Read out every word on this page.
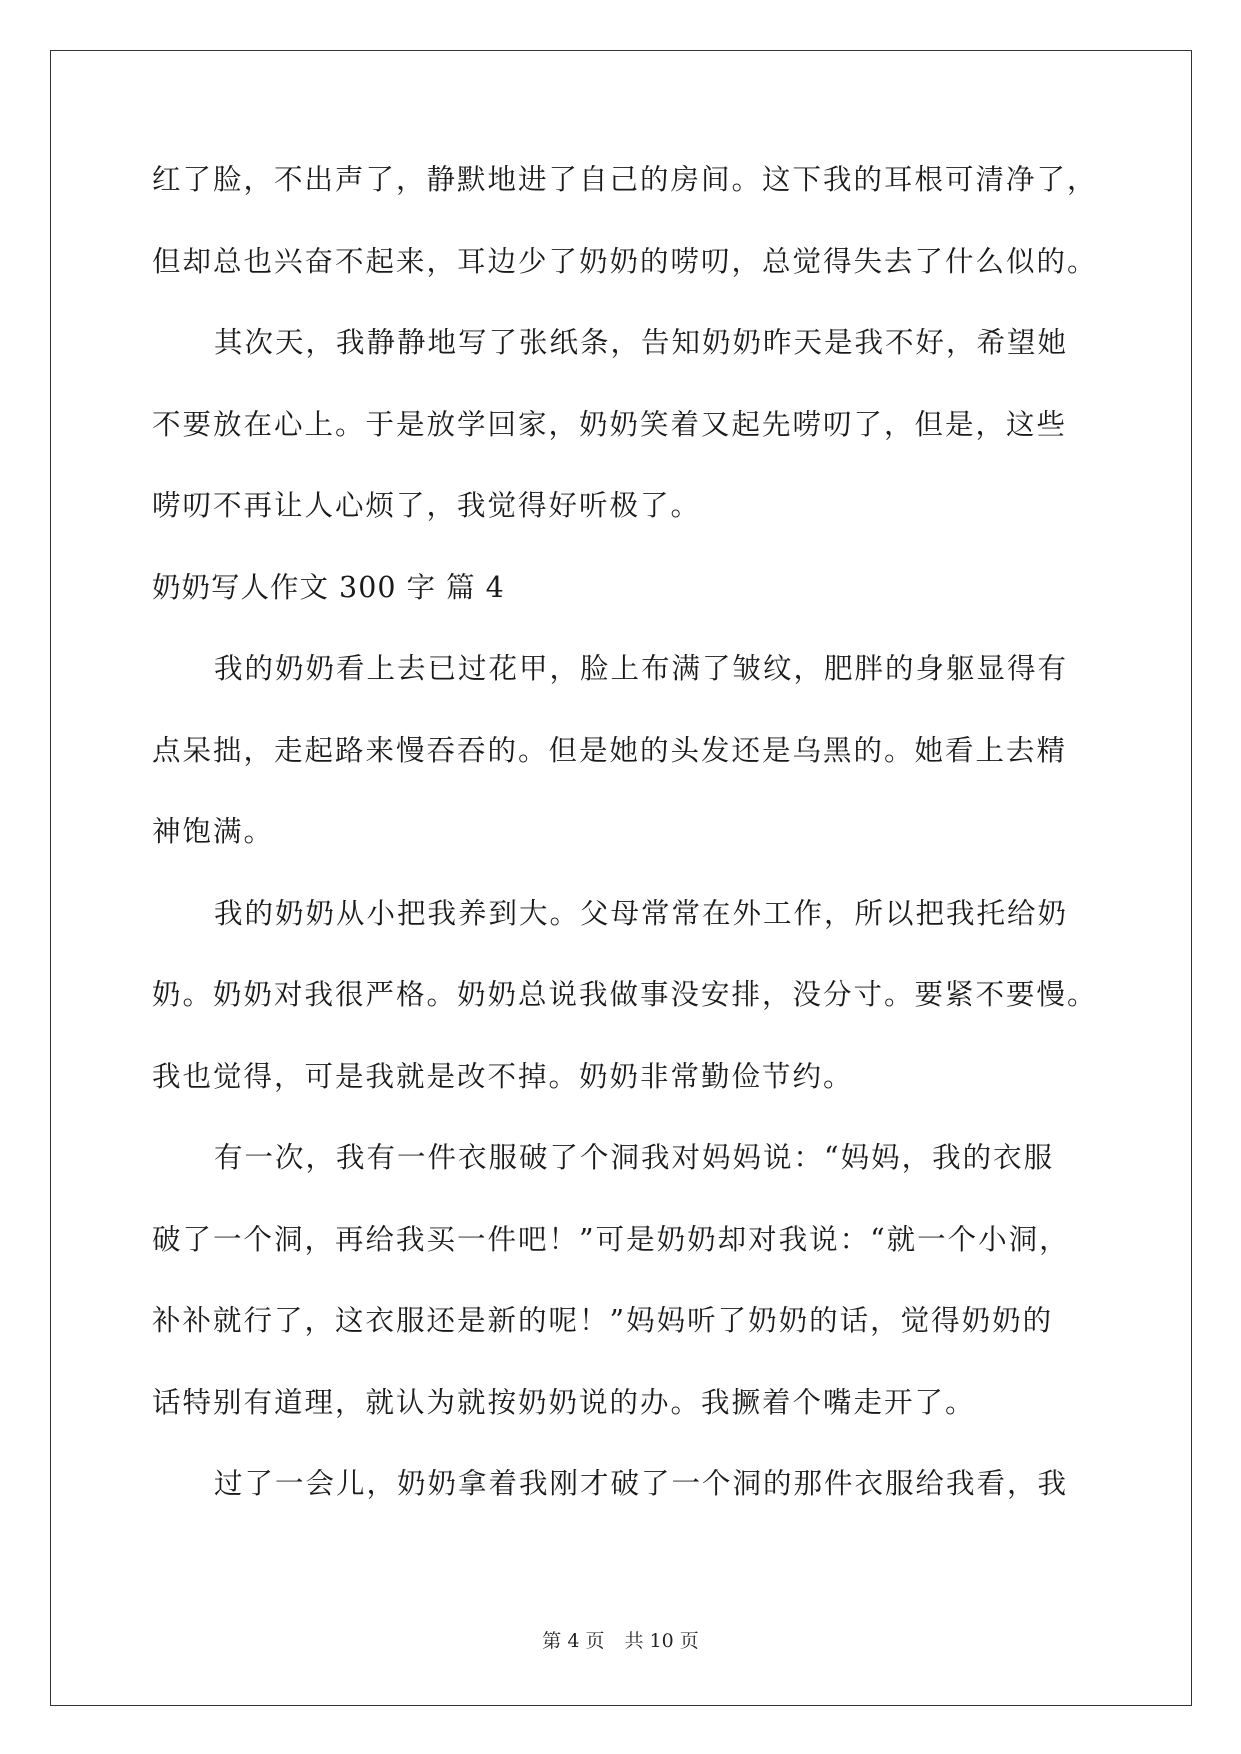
红了脸，不出声了，静默地进了自己的房间。这下我的耳根可清净了，
但却总也兴奋不起来，耳边少了奶奶的唠叨，总觉得失去了什么似的。
其次天，我静静地写了张纸条，告知奶奶昨天是我不好，希望她
不要放在心上。于是放学回家，奶奶笑着又起先唠叨了，但是，这些
唠叨不再让人心烦了，我觉得好听极了。
奶奶写人作文 300 字 篇 4
我的奶奶看上去已过花甲，脸上布满了皱纹，肥胖的身躯显得有
点呆拙，走起路来慢吞吞的。但是她的头发还是乌黑的。她看上去精
神饱满。
我的奶奶从小把我养到大。父母常常在外工作，所以把我托给奶
奶。奶奶对我很严格。奶奶总说我做事没安排，没分寸。要紧不要慢。
我也觉得，可是我就是改不掉。奶奶非常勤俭节约。
有一次，我有一件衣服破了个洞我对妈妈说：“妈妈，我的衣服
破了一个洞，再给我买一件吧！”可是奶奶却对我说：“就一个小洞，
补补就行了，这衣服还是新的呢！”妈妈听了奶奶的话，觉得奶奶的
话特别有道理，就认为就按奶奶说的办。我撅着个嘴走开了。
过了一会儿，奶奶拿着我刚才破了一个洞的那件衣服给我看，我
第 4 页 共 10 页
